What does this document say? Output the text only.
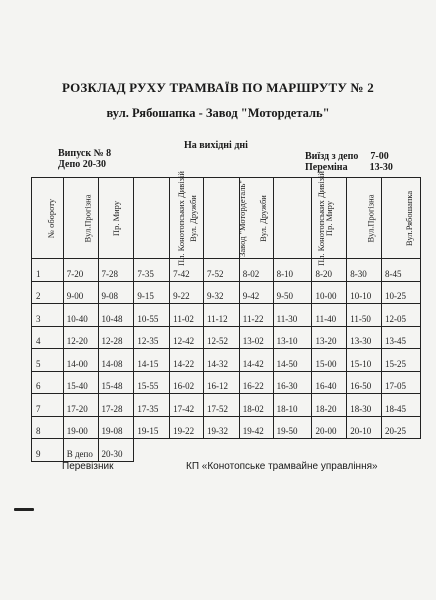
РОЗКЛАД РУХУ ТРАМВАЇВ ПО МАРШРУТУ № 2
вул. Рябошапка - Завод "Мотордеталь"
На вихідні дні
Випуск № 8
Депо 20-30
Виїзд з депо 7-00
Переміна 13-30
№ обороту	Вул.Прогізна	Пр. Миру	Пл. Конотопських Дивізій	Вул. Дружби	Завод "Мотордеталь"	Вул. Дружби	Пл. Конотопських Дивізій	Пр. Миру	Вул.Прогізна	Вул.Рябошапка
1	7-20	7-28	7-35	7-42	7-52	8-02	8-10	8-20	8-30	8-45
2	9-00	9-08	9-15	9-22	9-32	9-42	9-50	10-00	10-10	10-25
3	10-40	10-48	10-55	11-02	11-12	11-22	11-30	11-40	11-50	12-05
4	12-20	12-28	12-35	12-42	12-52	13-02	13-10	13-20	13-30	13-45
5	14-00	14-08	14-15	14-22	14-32	14-42	14-50	15-00	15-10	15-25
6	15-40	15-48	15-55	16-02	16-12	16-22	16-30	16-40	16-50	17-05
7	17-20	17-28	17-35	17-42	17-52	18-02	18-10	18-20	18-30	18-45
8	19-00	19-08	19-15	19-22	19-32	19-42	19-50	20-00	20-10	20-25
9	В депо	20-30								
Перевізник	КП «Конотопське трамвайне управління»
